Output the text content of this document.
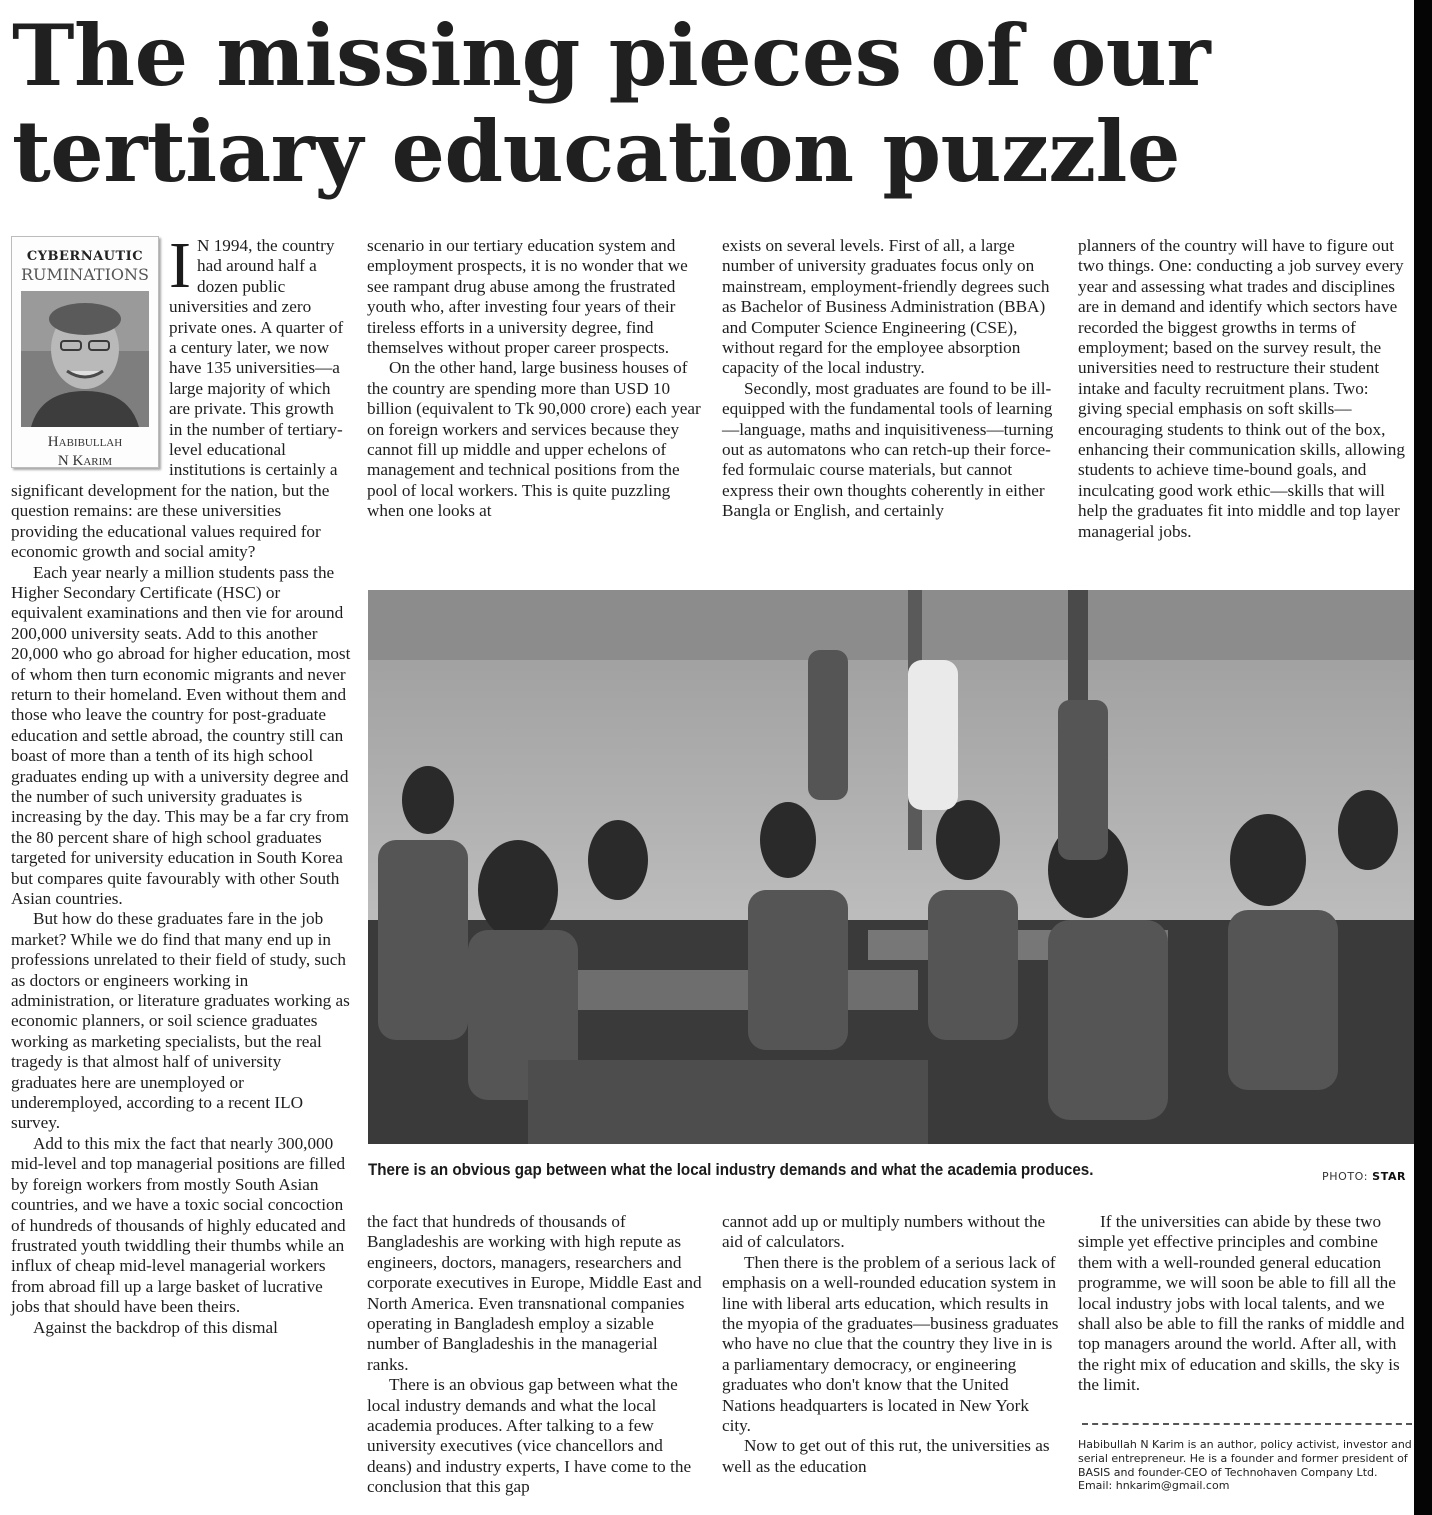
The missing pieces of our tertiary education puzzle
CYBERNAUTIC
RUMINATIONS
Habibullah
N Karim
I N 1994, the country had around half a dozen public universities and zero private ones. A quarter of a century later, we now have 135 universities—a large majority of which are private. This growth in the number of tertiary-level educational institutions is certainly a significant development for the nation, but the question remains: are these universities providing the educational values required for economic growth and social amity?

Each year nearly a million students pass the Higher Secondary Certificate (HSC) or equivalent examinations and then vie for around 200,000 university seats. Add to this another 20,000 who go abroad for higher education, most of whom then turn economic migrants and never return to their homeland. Even without them and those who leave the country for post-graduate education and settle abroad, the country still can boast of more than a tenth of its high school graduates ending up with a university degree and the number of such university graduates is increasing by the day. This may be a far cry from the 80 percent share of high school graduates targeted for university education in South Korea but compares quite favourably with other South Asian countries.

But how do these graduates fare in the job market? While we do find that many end up in professions unrelated to their field of study, such as doctors or engineers working in administration, or literature graduates working as economic planners, or soil science graduates working as marketing specialists, but the real tragedy is that almost half of university graduates here are unemployed or underemployed, according to a recent ILO survey.

Add to this mix the fact that nearly 300,000 mid-level and top managerial positions are filled by foreign workers from mostly South Asian countries, and we have a toxic social concoction of hundreds of thousands of highly educated and frustrated youth twiddling their thumbs while an influx of cheap mid-level managerial workers from abroad fill up a large basket of lucrative jobs that should have been theirs.

Against the backdrop of this dismal

scenario in our tertiary education system and employment prospects, it is no wonder that we see rampant drug abuse among the frustrated youth who, after investing four years of their tireless efforts in a university degree, find themselves without proper career prospects.

On the other hand, large business houses of the country are spending more than USD 10 billion (equivalent to Tk 90,000 crore) each year on foreign workers and services because they cannot fill up middle and upper echelons of management and technical positions from the pool of local workers. This is quite puzzling when one looks at

exists on several levels. First of all, a large number of university graduates focus only on mainstream, employment-friendly degrees such as Bachelor of Business Administration (BBA) and Computer Science Engineering (CSE), without regard for the employee absorption capacity of the local industry.

Secondly, most graduates are found to be ill-equipped with the fundamental tools of learning—language, maths and inquisitiveness—turning out as automatons who can retch-up their force-fed formulaic course materials, but cannot express their own thoughts coherently in either Bangla or English, and certainly

planners of the country will have to figure out two things. One: conducting a job survey every year and assessing what trades and disciplines are in demand and identify which sectors have recorded the biggest growths in terms of employment; based on the survey result, the universities need to restructure their student intake and faculty recruitment plans. Two: giving special emphasis on soft skills—encouraging students to think out of the box, enhancing their communication skills, allowing students to achieve time-bound goals, and inculcating good work ethic—skills that will help the graduates fit into middle and top layer managerial jobs.

There is an obvious gap between what the local industry demands and what the academia produces.	PHOTO: STAR

the fact that hundreds of thousands of Bangladeshis are working with high repute as engineers, doctors, managers, researchers and corporate executives in Europe, Middle East and North America. Even transnational companies operating in Bangladesh employ a sizable number of Bangladeshis in the managerial ranks.

There is an obvious gap between what the local industry demands and what the local academia produces. After talking to a few university executives (vice chancellors and deans) and industry experts, I have come to the conclusion that this gap

cannot add up or multiply numbers without the aid of calculators.

Then there is the problem of a serious lack of emphasis on a well-rounded education system in line with liberal arts education, which results in the myopia of the graduates—business graduates who have no clue that the country they live in is a parliamentary democracy, or engineering graduates who don't know that the United Nations headquarters is located in New York city.

Now to get out of this rut, the universities as well as the education

If the universities can abide by these two simple yet effective principles and combine them with a well-rounded general education programme, we will soon be able to fill all the local industry jobs with local talents, and we shall also be able to fill the ranks of middle and top managers around the world. After all, with the right mix of education and skills, the sky is the limit.

Habibullah N Karim is an author, policy activist, investor and serial entrepreneur. He is a founder and former president of BASIS and founder-CEO of Technohaven Company Ltd. Email: hnkarim@gmail.com
